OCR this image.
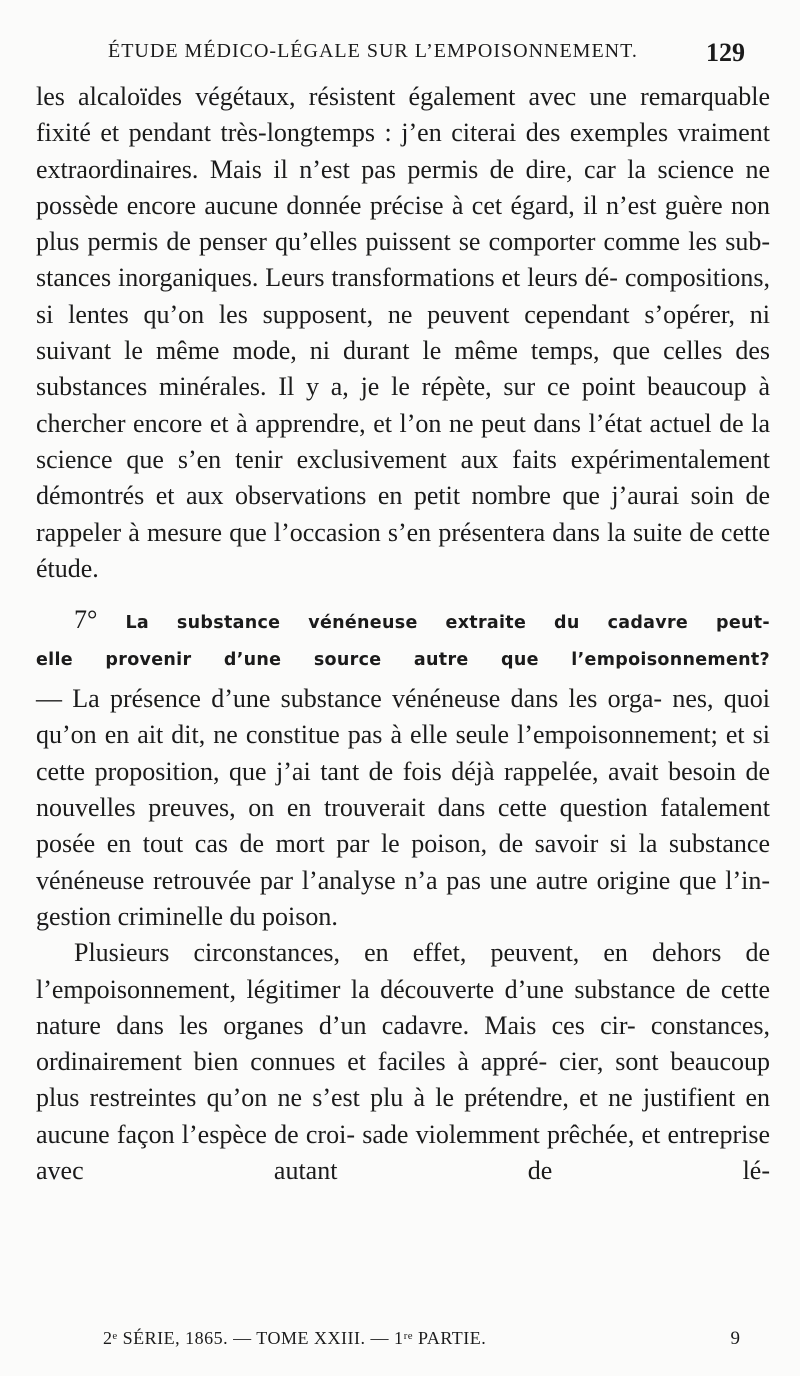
ÉTUDE MÉDICO-LÉGALE SUR L’EMPOISONNEMENT.	129

les alcaloïdes végétaux, résistent également avec une remarquable fixité et pendant très-longtemps : j’en citerai des exemples vraiment extraordinaires. Mais il n’est pas permis de dire, car la science ne possède encore aucune donnée précise à cet égard, il n’est guère non plus permis de penser qu’elles puissent se comporter comme les sub- stances inorganiques. Leurs transformations et leurs dé- compositions, si lentes qu’on les supposent, ne peuvent cependant s’opérer, ni suivant le même mode, ni durant le même temps, que celles des substances minérales. Il y a, je le répète, sur ce point beaucoup à chercher encore et à apprendre, et l’on ne peut dans l’état actuel de la science que s’en tenir exclusivement aux faits expérimentalement démontrés et aux observations en petit nombre que j’aurai soin de rappeler à mesure que l’occasion s’en présentera dans la suite de cette étude.

7° La substance vénéneuse extraite du cadavre peut-
elle provenir d’une source autre que l’empoisonnement?

— La présence d’une substance vénéneuse dans les orga- nes, quoi qu’on en ait dit, ne constitue pas à elle seule l’empoisonnement; et si cette proposition, que j’ai tant de fois déjà rappelée, avait besoin de nouvelles preuves, on en trouverait dans cette question fatalement posée en tout cas de mort par le poison, de savoir si la substance vénéneuse retrouvée par l’analyse n’a pas une autre origine que l’in- gestion criminelle du poison.

Plusieurs circonstances, en effet, peuvent, en dehors de l’empoisonnement, légitimer la découverte d’une substance de cette nature dans les organes d’un cadavre. Mais ces cir- constances, ordinairement bien connues et faciles à appré- cier, sont beaucoup plus restreintes qu’on ne s’est plu à le prétendre, et ne justifient en aucune façon l’espèce de croi- sade violemment prêchée, et entreprise avec autant de lé-

2ᵉ SÉRIE, 1865. — TOME XXIII. — 1ʳᵉ PARTIE.	9
